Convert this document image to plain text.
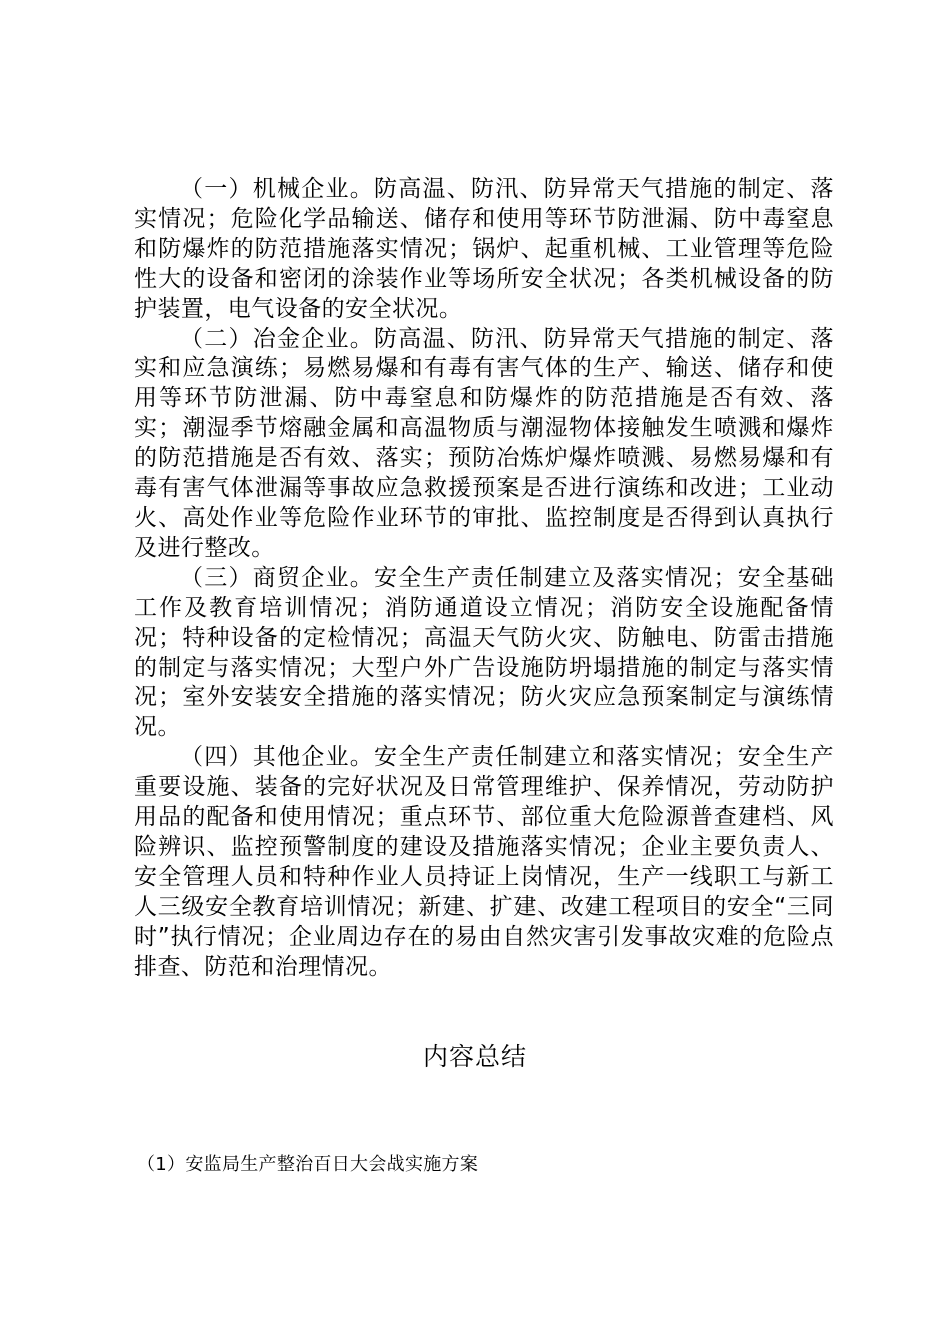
（一）机械企业。防高温、防汛、防异常天气措施的制定、落实情况；危险化学品输送、储存和使用等环节防泄漏、防中毒窒息和防爆炸的防范措施落实情况；锅炉、起重机械、工业管理等危险性大的设备和密闭的涂装作业等场所安全状况；各类机械设备的防护装置，电气设备的安全状况。

（二）冶金企业。防高温、防汛、防异常天气措施的制定、落实和应急演练；易燃易爆和有毒有害气体的生产、输送、储存和使用等环节防泄漏、防中毒窒息和防爆炸的防范措施是否有效、落实；潮湿季节熔融金属和高温物质与潮湿物体接触发生喷溅和爆炸的防范措施是否有效、落实；预防冶炼炉爆炸喷溅、易燃易爆和有毒有害气体泄漏等事故应急救援预案是否进行演练和改进；工业动火、高处作业等危险作业环节的审批、监控制度是否得到认真执行及进行整改。

（三）商贸企业。安全生产责任制建立及落实情况；安全基础工作及教育培训情况；消防通道设立情况；消防安全设施配备情况；特种设备的定检情况；高温天气防火灾、防触电、防雷击措施的制定与落实情况；大型户外广告设施防坍塌措施的制定与落实情况；室外安装安全措施的落实情况；防火灾应急预案制定与演练情况。

（四）其他企业。安全生产责任制建立和落实情况；安全生产重要设施、装备的完好状况及日常管理维护、保养情况，劳动防护用品的配备和使用情况；重点环节、部位重大危险源普查建档、风险辨识、监控预警制度的建设及措施落实情况；企业主要负责人、安全管理人员和特种作业人员持证上岗情况，生产一线职工与新工人三级安全教育培训情况；新建、扩建、改建工程项目的安全“三同时”执行情况；企业周边存在的易由自然灾害引发事故灾难的危险点排查、防范和治理情况。

内容总结
（1）安监局生产整治百日大会战实施方案
